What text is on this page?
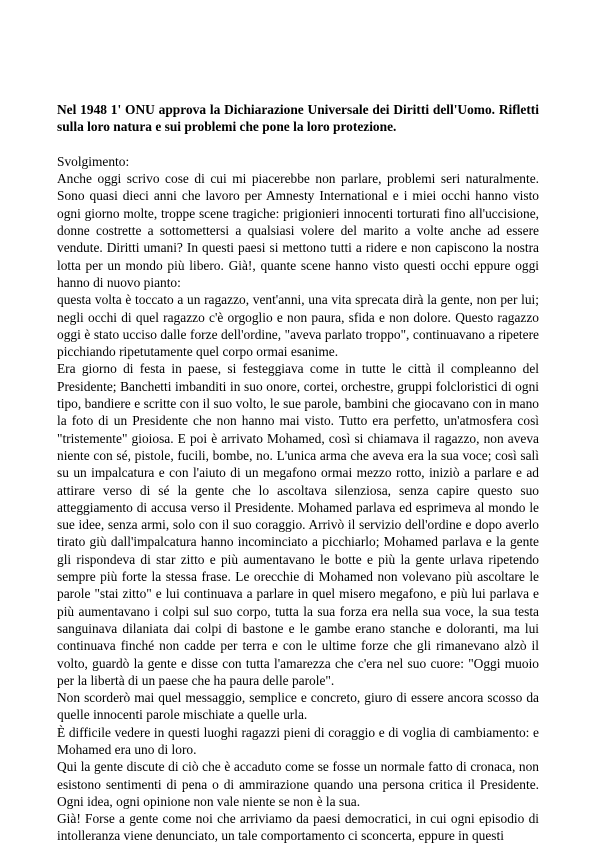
Nel 1948 1' ONU approva la Dichiarazione Universale dei Diritti dell'Uomo. Rifletti sulla loro natura e sui problemi che pone la loro protezione.

Svolgimento:

Anche oggi scrivo cose di cui mi piacerebbe non parlare, problemi seri naturalmente. Sono quasi dieci anni che lavoro per Amnesty International e i miei occhi hanno visto ogni giorno molte, troppe scene tragiche: prigionieri innocenti torturati fino all'uccisione, donne costrette a sottomettersi a qualsiasi volere del marito a volte anche ad essere vendute. Diritti umani? In questi paesi si mettono tutti a ridere e non capiscono la nostra lotta per un mondo più libero. Già!, quante scene hanno visto questi occhi eppure oggi hanno di nuovo pianto:

questa volta è toccato a un ragazzo, vent'anni, una vita sprecata dirà la gente, non per lui; negli occhi di quel ragazzo c'è orgoglio e non paura, sfida e non dolore. Questo ragazzo oggi è stato ucciso dalle forze dell'ordine, "aveva parlato troppo", continuavano a ripetere picchiando ripetutamente quel corpo ormai esanime.

Era giorno di festa in paese, si festeggiava come in tutte le città il compleanno del Presidente; Banchetti imbanditi in suo onore, cortei, orchestre, gruppi folcloristici di ogni tipo, bandiere e scritte con il suo volto, le sue parole, bambini che giocavano con in mano la foto di un Presidente che non hanno mai visto. Tutto era perfetto, un'atmosfera così "tristemente" gioiosa. E poi è arrivato Mohamed, così si chiamava il ragazzo, non aveva niente con sé, pistole, fucili, bombe, no. L'unica arma che aveva era la sua voce; così salì su un impalcatura e con l'aiuto di un megafono ormai mezzo rotto, iniziò a parlare e ad attirare verso di sé la gente che lo ascoltava silenziosa, senza capire questo suo atteggiamento di accusa verso il Presidente. Mohamed parlava ed esprimeva al mondo le sue idee, senza armi, solo con il suo coraggio. Arrivò il servizio dell'ordine e dopo averlo tirato giù dall'impalcatura hanno incominciato a picchiarlo; Mohamed parlava e la gente gli rispondeva di star zitto e più aumentavano le botte e più la gente urlava ripetendo sempre più forte la stessa frase. Le orecchie di Mohamed non volevano più ascoltare le parole "stai zitto" e lui continuava a parlare in quel misero megafono, e più lui parlava e più aumentavano i colpi sul suo corpo, tutta la sua forza era nella sua voce, la sua testa sanguinava dilaniata dai colpi di bastone e le gambe erano stanche e doloranti, ma lui continuava finché non cadde per terra e con le ultime forze che gli rimanevano alzò il volto, guardò la gente e disse con tutta l'amarezza che c'era nel suo cuore: "Oggi muoio per la libertà di un paese che ha paura delle parole".

Non scorderò mai quel messaggio, semplice e concreto, giuro di essere ancora scosso da quelle innocenti parole mischiate a quelle urla.

È difficile vedere in questi luoghi ragazzi pieni di coraggio e di voglia di cambiamento: e Mohamed era uno di loro.

Qui la gente discute di ciò che è accaduto come se fosse un normale fatto di cronaca, non esistono sentimenti di pena o di ammirazione quando una persona critica il Presidente. Ogni idea, ogni opinione non vale niente se non è la sua.

Già! Forse a gente come noi che arriviamo da paesi democratici, in cui ogni episodio di intolleranza viene denunciato, un tale comportamento ci sconcerta, eppure in questi
